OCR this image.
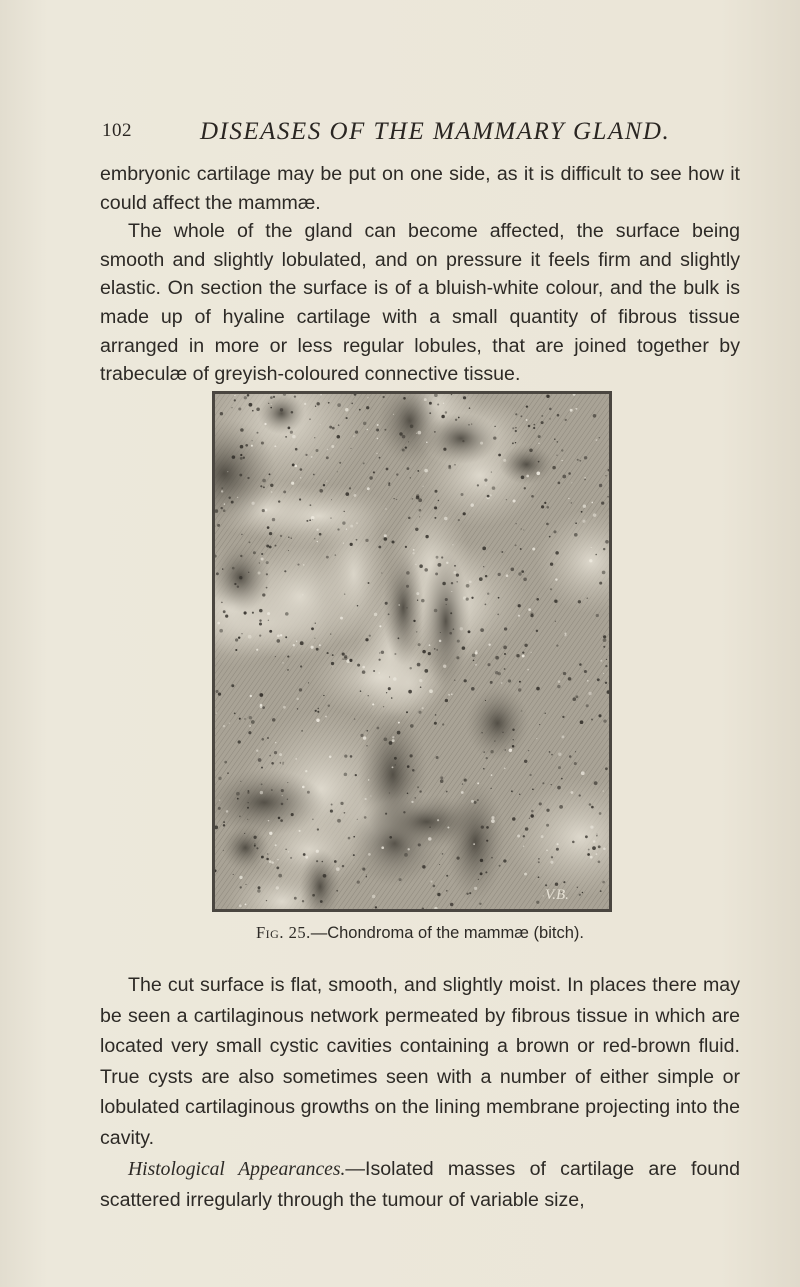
102	DISEASES OF THE MAMMARY GLAND.

embryonic cartilage may be put on one side, as it is difficult to see how it could affect the mammæ.

The whole of the gland can become affected, the surface being smooth and slightly lobulated, and on pressure it feels firm and slightly elastic. On section the surface is of a bluish-white colour, and the bulk is made up of hyaline cartilage with a small quantity of fibrous tissue arranged in more or less regular lobules, that are joined together by trabeculæ of greyish-coloured connective tissue.

V.B.
Fig. 25.—Chondroma of the mammæ (bitch).

The cut surface is flat, smooth, and slightly moist. In places there may be seen a cartilaginous network permeated by fibrous tissue in which are located very small cystic cavities containing a brown or red-brown fluid. True cysts are also sometimes seen with a number of either simple or lobulated cartilaginous growths on the lining membrane projecting into the cavity.

Histological Appearances.—Isolated masses of cartilage are found scattered irregularly through the tumour of variable size,
